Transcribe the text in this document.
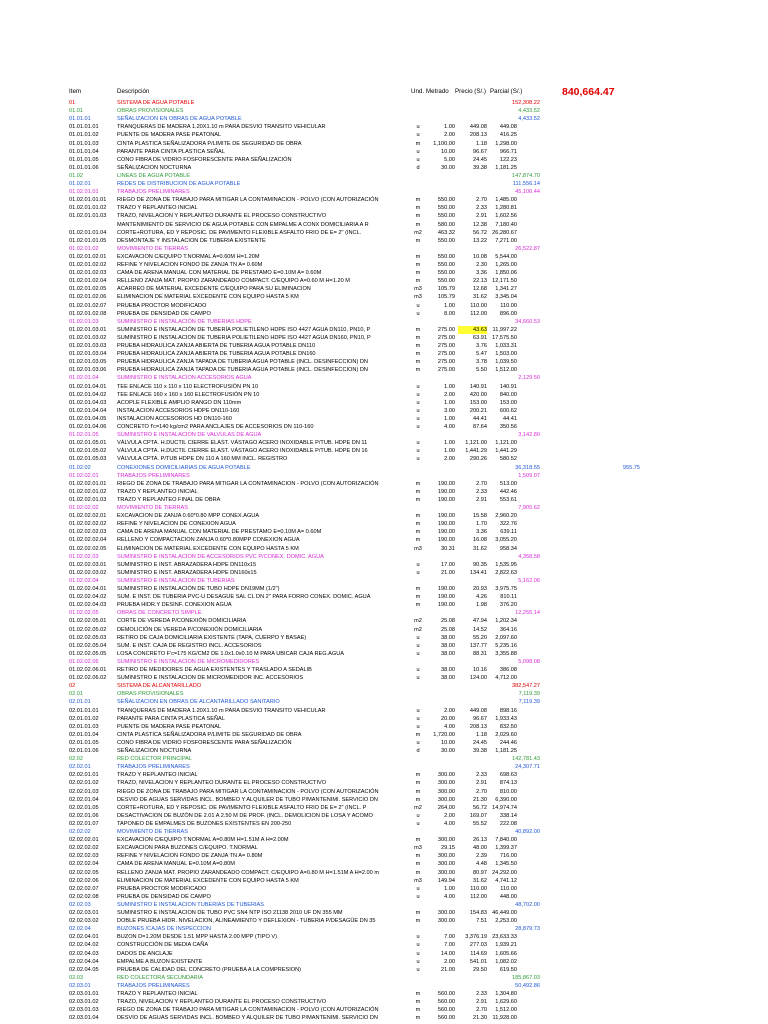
Item	Descripción	Und. Metrado Precio (S/.) Parcial (S/.)	840,664.47
01	SISTEMA DE AGUA POTABLE	152,308.22
01.01	OBRAS PROVISIONALES	4,433.52
01.01.01	SEÑALIZACION EN OBRAS DE AGUA POTABLE	4,433.52
01.01.01.01	TRANQUERAS DE MADERA 1.20X1.10 m PARA DESVIO TRANSITO VEHICULAR	u	1.00	449.08	449.08
01.01.01.02	PUENTE DE MADERA PASE PEATONAL	u	2.00	208.13	416.25
01.01.01.03	CINTA PLASTICA SEÑALIZADORA P/LIMITE DE SEGURIDAD DE OBRA	m	1,100.00	1.18	1,298.00
01.01.01.04	PARANTE PARA CINTA PLASTICA SEÑAL	u	10.00	96.67	966.71
01.01.01.05	CONO FIBRA DE VIDRIO FOSFORESCENTE PARA SEÑALIZACIÓN	u	5.00	24.45	122.23
01.01.01.06	SEÑALIZACION NOCTURNA	d	30.00	39.38	1,181.25
01.02	LINEAS DE AGUA POTABLE	147,874.70
01.02.01	REDES DE DISTRIBUCION DE AGUA POTABLE	111,556.14
01.02.01.01	TRABAJOS PRELIMINARES	45,100.44
01.02.01.01.01 RIEGO DE ZONA DE TRABAJO PARA MITIGAR LA CONTAMINACION - POLVO (CON AUTORIZACIÓN	m	550.00	2.70	1,485.00
01.02.01.01.02 TRAZO Y REPLANTEO INICIAL	m	550.00	2.33	1,280.81
01.02.01.01.03 TRAZO, NIVELACION Y REPLANTEO DURANTE EL PROCESO CONSTRUCTIVO	m	550.00	2.91	1,602.56
MANTENIMIENTO DE SERVICIO DE AGUA POTABLE CON EMPALME A CONX DOMICILIARIA A R	m	580.00	12.38	7,180.40
01.02.01.01.04 CORTE+ROTURA, ED Y REPOSIC. DE PAVIMENTO FLEXIBLE ASFALTO FRIO DE E= 2" (INCL.	m2	463.32	56.72 26,280.67
01.02.01.01.05 DESMONTAJE Y INSTALACION DE TUBERIA EXISTENTE	m	550.00	13.22	7,271.00
01.02.01.02	MOVIMIENTO DE TIERRAS	26,522.87
01.02.01.02.01 EXCAVACION C/EQUIPO T.NORMAL A=0.60M H=1.20M	m	550.00	10.08	5,544.00
01.02.01.02.02 REFINE Y NIVELACION FONDO DE ZANJA TN A= 0.60M	m	550.00	2.30	1,265.00
01.02.01.02.03 CAMA DE ARENA MANUAL CON MATERIAL DE PRESTAMO E=0.10M A= 0.60M	m	550.00	3.36	1,850.06
01.02.01.02.04 RELLENO ZANJA MAT. PROPIO ZARANDEADO COMPACT. C/EQUIPO A=0.60 M H=1.20 M	m	550.00	22.13 12,171.50
01.02.01.02.05 ACARREO DE MATERIAL EXCEDENTE C/EQUIPO PARA SU ELIMINACION	m3	105.79	12.68	1,341.27
01.02.01.02.06 ELIMINACION DE MATERIAL EXCEDENTE CON EQUIPO HASTA 5 KM	m3	105.79	31.62	3,345.04
01.02.01.02.07 PRUEBA PROCTOR MODIFICADO	u	1.00	110.00	110.00
01.02.01.02.08 PRUEBA DE DENSIDAD DE CAMPO	u	8.00	112.00	896.00
01.02.01.03	SUMINISTRO E INSTALACIÓN DE TUBERIAS HDPE	34,660.53
01.02.01.03.01 SUMINISTRO E INSTALACIÓN DE TUBERÍA POLIETILENO HDPE ISO 4427 AGUA DN110, PN10, P	m	275.00	43.63 11,997.22
01.02.01.03.02 SUMINISTRO E INSTALACION DE TUBERIA POLIETILENO HDPE ISO 4427 AGUA DN160, PN10, P	m	275.00	63.91 17,575.50
01.02.01.03.03 PRUEBA HIDRAULICA ZANJA ABIERTA DE TUBERIA AGUA POTABLE DN110	m	275.00	3.76	1,033.31
01.02.01.03.04 PRUEBA HIDRAULICA ZANJA ABIERTA DE TUBERIA AGUA POTABLE DN160	m	275.00	5.47	1,503.00
01.02.01.03.05 PRUEBA HIDRAULICA ZANJA TAPADA DE TUBERIA AGUA POTABLE (INCL. DESINFECCION) DN	m	275.00	3.78	1,039.50
01.02.01.03.06 PRUEBA HIDRAULICA ZANJA TAPADA DE TUBERIA AGUA POTABLE (INCL. DESINFECCION) DN	m	275.00	5.50	1,512.00
01.02.01.04	SUMINISTRO E INSTALACION ACCESORIOS AGUA	2,129.50
01.02.01.04.01 TEE ENLACE 110 x 110 x 110 ELECTROFUSIÓN PN 10	u	1.00	140.91	140.91
01.02.01.04.02 TEE ENLACE 160 x 160 x 160 ELECTROFUSIÓN PN 10	u	2.00	420.00	840.00
01.02.01.04.03 ACOPLE FLEXIBLE AMPLIO RANGO DN 110mm	u	1.00	153.00	153.00
01.02.01.04.04 INSTALACION ACCESORIOS HDPE DN110-160	u	3.00	200.21	600.62
01.02.01.04.05 INSTALACION ACCESORIOS HD DN110-160	u	1.00	44.41	44.41
01.02.01.04.06 CONCRETO f'c=140 kg/cm2 PARA ANCLAJES DE ACCESORIOS DN 110-160	u	4.00	87.64	350.56
01.02.01.05	SUMINISTRO E INSTALACION DE VALVULAS DE AGUA	3,142.80
01.02.01.05.01 VÁLVULA CPTA. H.DUCTIL CIERRE ELAST. VÁSTAGO ACERO INOXIDABLE P/TUB. HDPE DN 11	u	1.00	1,121.00	1,121.00
01.02.01.05.02 VÁLVULA CPTA. H.DUCTIL CIERRE ELAST. VÁSTAGO ACERO INOXIDABLE P/TUB. HDPE DN 16	u	1.00	1,441.29	1,441.29
01.02.01.05.03 VÁLVULA CPTA. P/TUB HDPE DN 110 A 160 MM INCL. REGISTRO	u	2.00	290.26	580.52
01.02.02	CONEXIONES DOMICILIARIAS DE AGUA POTABLE	36,318.55	955.75
01.02.02.01	TRABAJOS PRELIMINARES	1,509.07
01.02.02.01.01 RIEGO DE ZONA DE TRABAJO PARA MITIGAR LA CONTAMINACION - POLVO (CON AUTORIZACIÓN	m	190.00	2.70	513.00
01.02.02.01.02 TRAZO Y REPLANTEO INICIAL	m	190.00	2.33	442.46
01.02.02.01.03 TRAZO Y REPLANTEO FINAL DE OBRA	m	190.00	2.91	553.61
01.02.02.02	MOVIMIENTO DE TIERRAS	7,905.62
01.02.02.02.01 EXCAVACION DE ZANJA 0.60*0.80 MPP CONEX.AGUA	m	190.00	15.58	2,960.20
01.02.02.02.02 REFINE Y NIVELACION DE CONEXION AGUA	m	190.00	1.70	322.76
01.02.02.02.03 CAMA DE ARENA MANUAL CON MATERIAL DE PRESTAMO E=0.10M A= 0.60M	m	190.00	3.36	639.11
01.02.02.02.04 RELLENO Y COMPACTACION ZANJA 0.60*0.80MPP CONEXION AGUA	m	190.00	16.08	3,055.20
01.02.02.02.05 ELIMINACION DE MATERIAL EXCEDENTE CON EQUIPO HASTA 5 KM	m3	30.31	31.62	958.34
01.02.02.03	SUMINISTRO E INSTALACION DE ACCESORIOS PVC P/CONEX. DOMIC. AGUA	4,358.58
01.02.02.03.01 SUMINISTRO E INST. ABRAZADERA HDPE DN110x15	u	17.00	90.35	1,535.95
01.02.02.03.02 SUMINISTRO E INST. ABRAZADERA HDPE DN160x15	u	21.00	134.41	2,822.63
01.02.02.04	SUMINISTRO E INSTALACION DE TUBERIAS	5,162.06
01.02.02.04.01 SUMINISTRO E INSTALACIÓN DE TUBO HDPE DN19MM (1/2")	m	190.00	20.93	3,975.75
01.02.02.04.02 SUM. E INST. DE TUBERIA PVC-U DESAGUE SAL CL DN 2" PARA FORRO CONEX. DOMIC. AGUA	m	190.00	4.26	810.11
01.02.02.04.03 PRUEBA HIDR.Y DESINF. CONEXION AGUA	m	190.00	1.98	376.20
01.02.02.05	OBRAS DE CONCRETO SIMPLE	12,255.14
01.02.02.05.01 CORTE DE VEREDA P/CONEXIÓN DOMICILIARIA	m2	25.08	47.94	1,202.34
01.02.02.05.02 DEMOLICIÓN DE VEREDA P/CONEXIÓN DOMICILIARIA	m2	25.08	14.52	364.16
01.02.02.05.03 RETIRO DE CAJA DOMICILIARIA EXISTENTE (TAPA, CUERPO Y BASAE)	u	38.00	55.20	2,097.60
01.02.02.05.04 SUM. E INST. CAJA DE REGISTRO INCL. ACCESORIOS	u	38.00	137.77	5,235.16
01.02.02.05.05 LOSA CONCRETO F'c=175 KG/CM2 DE 1.0x1.0x0.10 M PARA UBICAR CAJA REG.AGUA	u	38.00	88.31	3,355.88
01.02.02.06	SUMINISTRO E INSTALACION DE MICROMEDIDORES	5,098.08
01.02.02.06.01 RETIRO DE MEDIDORES DE AGUA EXISTENTES Y TRASLADO A SEDALIB	u	38.00	10.16	386.08
01.02.02.06.02 SUMINISTRO E INSTALACION DE MICROMEDIDOR INC. ACCESORIOS	u	38.00	124.00	4,712.00
02	SISTEMA DE ALCANTARILLADO	382,547.27
02.01	OBRAS PROVISIONALES	7,119.39
02.01.01	SEÑALIZACION EN OBRAS DE ALCANTARILLADO SANITARIO	7,119.39
02.01.01.01	TRANQUERAS DE MADERA 1.20X1.10 m PARA DESVIO TRANSITO VEHICULAR	u	2.00	449.08	898.16
02.01.01.02	PARANTE PARA CINTA PLASTICA SEÑAL	u	20.00	96.67	1,933.43
02.01.01.03	PUENTE DE MADERA PASE PEATONAL	u	4.00	208.13	832.50
02.01.01.04	CINTA PLASTICA SEÑALIZADORA P/LIMITE DE SEGURIDAD DE OBRA	m	1,720.00	1.18	2,029.60
02.01.01.05	CONO FIBRA DE VIDRIO FOSFORESCENTE PARA SEÑALIZACIÓN	u	10.00	24.45	244.46
02.01.01.06	SEÑALIZACION NOCTURNA	d	30.00	39.38	1,181.25
02.02	RED COLECTOR PRINCIPAL	142,781.43
02.02.01	TRABAJOS PRELIMINARES	24,307.71
02.02.01.01	TRAZO Y REPLANTEO INICIAL	m	300.00	2.33	698.63
02.02.01.02	TRAZO, NIVELACION Y REPLANTEO DURANTE EL PROCESO CONSTRUCTIVO	m	300.00	2.91	874.13
02.02.01.03	RIEGO DE ZONA DE TRABAJO PARA MITIGAR LA CONTAMINACION - POLVO (CON AUTORIZACIÓN	m	300.00	2.70	810.00
02.02.01.04	DESVIO DE AGUAS SERVIDAS INCL. BOMBEO Y ALQUILER DE TUBO P/MANTENIMI. SERVICIO DN	m	300.00	21.30	6,390.00
02.02.01.05	CORTE+ROTURA, ED Y REPOSIC. DE PAVIMENTO FLEXIBLE ASFALTO FRIO DE E= 2" (INCL. P	m2	264.00	56.72 14,974.74
02.02.01.06	DESACTIVACION DE BUZÓN DE 2.01 A 2.50 M DE PROF. (INCL. DEMOLICION DE LOSA Y ACOMO	u	2.00	169.07	338.14
02.02.01.07	TAPONEO DE EMPALMES DE BUZONES EXISTENTES EN 200-250	u	4.00	55.52	222.08
02.02.02	MOVIMIENTO DE TIERRAS	40,892.00
02.02.02.01	EXCAVACION C/EQUIPO T.NORMAL A=0.80M H=1.51M A H=2.00M	m	300.00	26.13	7,840.00
02.02.02.02	EXCAVACION PARA BUZONES C/EQUIPO. T.NORMAL	m3	29.15	48.00	1,399.37
02.02.02.03	REFINE Y NIVELACION FONDO DE ZANJA TN A= 0.80M	m	300.00	2.39	716.00
02.02.02.04	CAMA DE ARENA MANUAL E=0.10M A=0.80M	m	300.00	4.48	1,345.50
02.02.02.05	RELLENO ZANJA MAT. PROPIO ZARANDEADO COMPACT. C/EQUIPO A=0.80 M H=1.51M A H=2.00 m	m	300.00	80.97 24,292.00
02.02.02.06	ELIMINACION DE MATERIAL EXCEDENTE CON EQUIPO HASTA 5 KM	m3	149.94	31.62	4,741.12
02.02.02.07	PRUEBA PROCTOR MODIFICADO	u	1.00	110.00	110.00
02.02.02.08	PRUEBA DE DENSIDAD DE CAMPO	u	4.00	112.00	448.00
02.02.03	SUMINISTRO E INSTALACION TUBERIAS DE TUBERIAS	48,702.00
02.02.03.01	SUMINISTRO E INSTALACION DE TUBO PVC SN4 NTP ISO 21138 2010 UF DN 355 MM	m	300.00	154.83 46,449.00
02.02.03.02	DOBLE PRUEBA HIDR. NIVELACION, ALINEAMIENTO Y DEFLEXION - TUBERIA P/DESAGÜE DN 35	m	300.00	7.51	2,253.00
02.02.04	BUZONES /CAJAS DE INSPECCION	28,879.73
02.02.04.01	BUZON D=1.20M DESDE 1.51 MPP HASTA 2.00 MPP (TIPO V)	u	7.00	3,376.19 23,633.33
02.02.04.02	CONSTRUCCIÓN DE MEDIA CAÑA	u	7.00	277.03	1,939.21
02.02.04.03	DADOS DE ANCLAJE	u	14.00	114.69	1,605.66
02.02.04.04	EMPALME A BUZON EXISTENTE	u	2.00	541.01	1,082.02
02.02.04.05	PRUEBA DE CALIDAD DEL CONCRETO (PRUEBA A LA COMPRESION)	u	21.00	29.50	619.50
02.03	RED COLECTORA SECUNDARIA	185,867.03
02.03.01	TRABAJOS PRELIMINARES	50,492.86
02.03.01.01	TRAZO Y REPLANTEO INICIAL	m	560.00	2.33	1,304.80
02.03.01.02	TRAZO, NIVELACION Y REPLANTEO DURANTE EL PROCESO CONSTRUCTIVO	m	560.00	2.91	1,629.60
02.03.01.03	RIEGO DE ZONA DE TRABAJO PARA MITIGAR LA CONTAMINACION - POLVO (CON AUTORIZACIÓN	m	560.00	2.70	1,512.00
02.03.01.04	DESVIO DE AGUAS SERVIDAS INCL. BOMBEO Y ALQUILER DE TUBO P/MANTENIMI. SERVICIO DN	m	560.00	21.30 11,928.00
